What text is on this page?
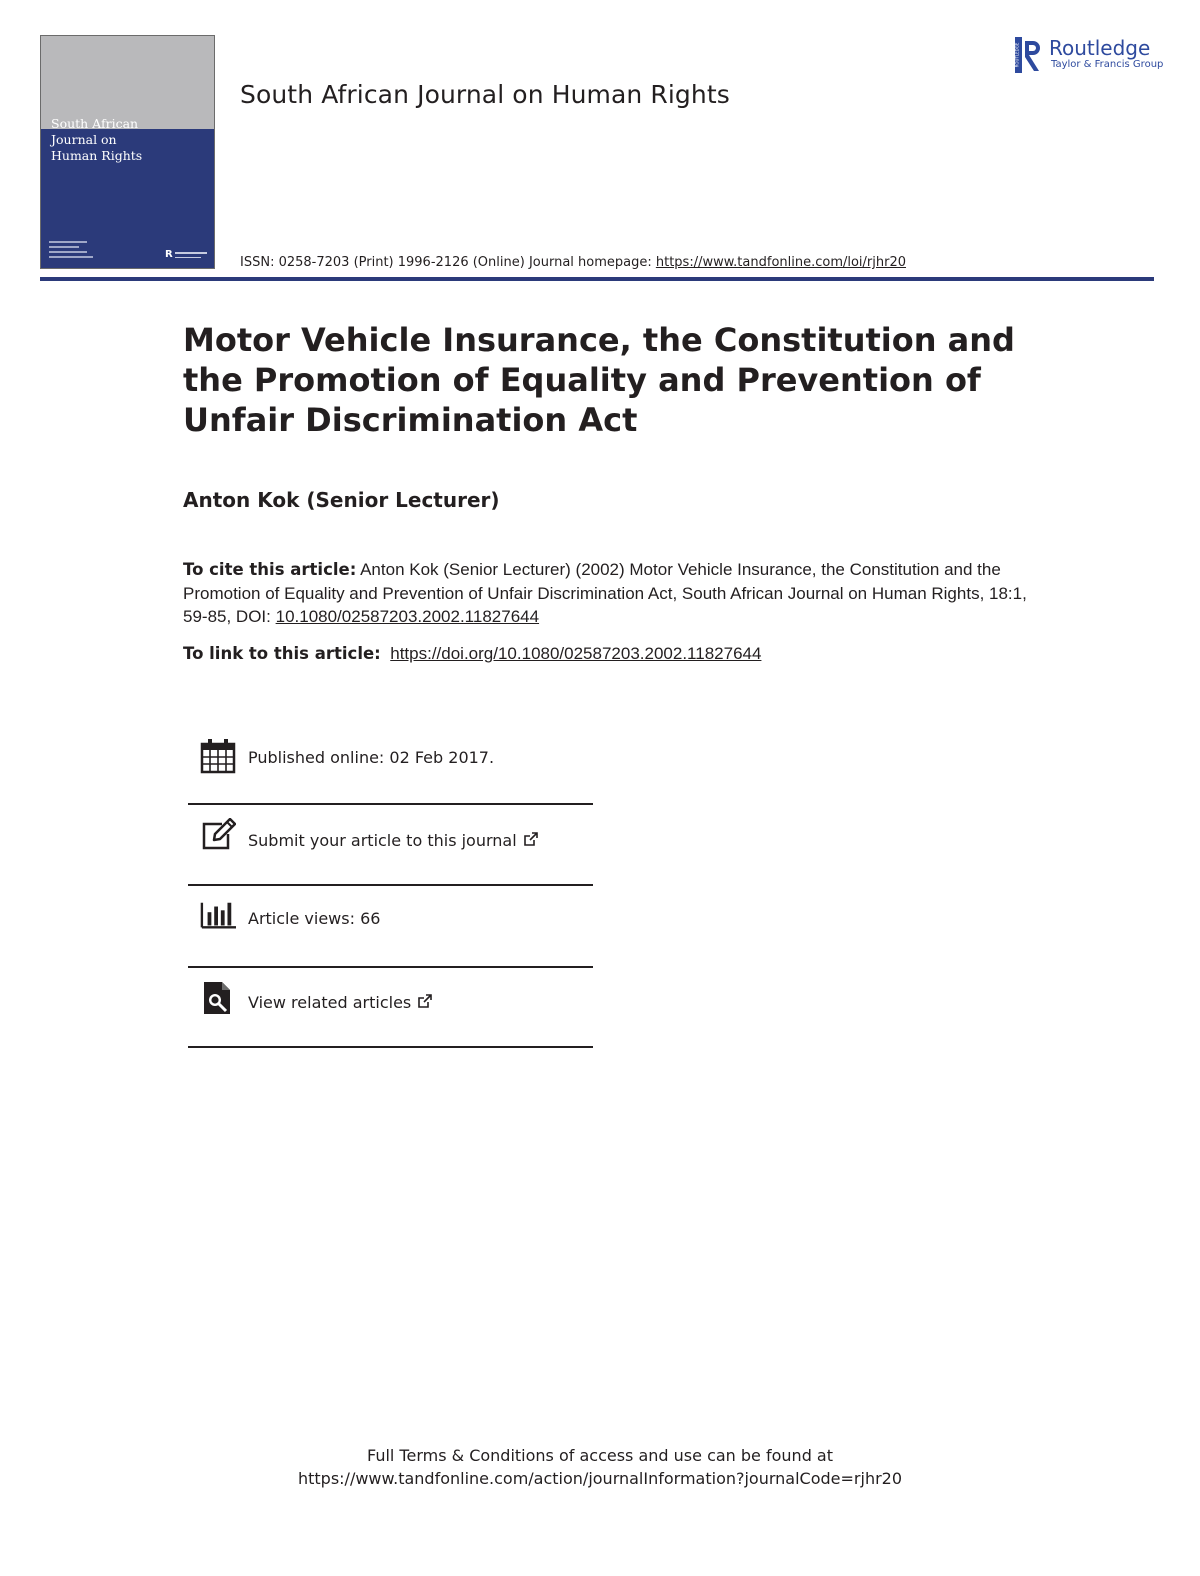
South African
Journal on
Human Rights
R
South African Journal on Human Rights
ISSN: 0258-7203 (Print) 1996-2126 (Online) Journal homepage: https://www.tandfonline.com/loi/rjhr20
ROUTLEDGE Routledge
Taylor & Francis Group
Motor Vehicle Insurance, the Constitution and the Promotion of Equality and Prevention of Unfair Discrimination Act
Anton Kok (Senior Lecturer)
To cite this article: Anton Kok (Senior Lecturer) (2002) Motor Vehicle Insurance, the Constitution and the Promotion of Equality and Prevention of Unfair Discrimination Act, South African Journal on Human Rights, 18:1, 59-85, DOI: 10.1080/02587203.2002.11827644
To link to this article: https://doi.org/10.1080/02587203.2002.11827644
Published online: 02 Feb 2017.
Submit your article to this journal
Article views: 66
View related articles
Full Terms & Conditions of access and use can be found at
https://www.tandfonline.com/action/journalInformation?journalCode=rjhr20
